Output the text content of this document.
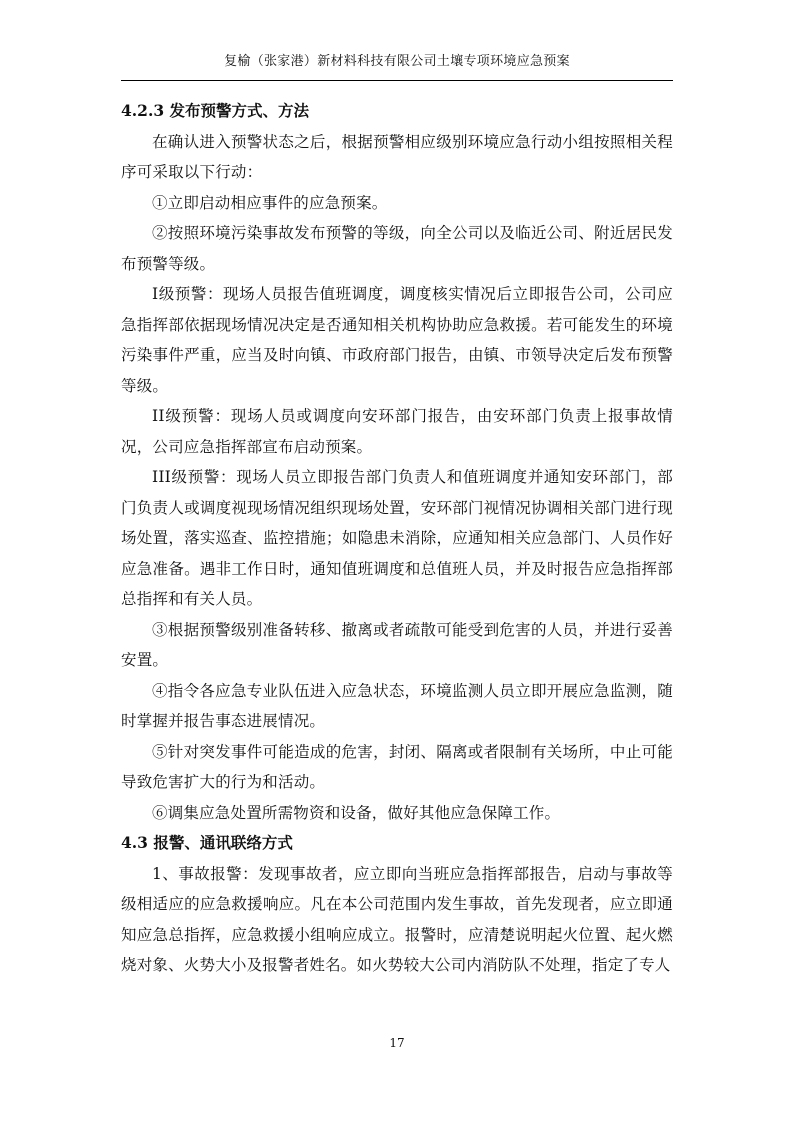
复榆（张家港）新材料科技有限公司土壤专项环境应急预案
4.2.3 发布预警方式、方法

在确认进入预警状态之后，根据预警相应级别环境应急行动小组按照相关程序可采取以下行动：

①立即启动相应事件的应急预案。

②按照环境污染事故发布预警的等级，向全公司以及临近公司、附近居民发布预警等级。

I级预警：现场人员报告值班调度，调度核实情况后立即报告公司，公司应急指挥部依据现场情况决定是否通知相关机构协助应急救援。若可能发生的环境污染事件严重，应当及时向镇、市政府部门报告，由镇、市领导决定后发布预警等级。

II级预警：现场人员或调度向安环部门报告，由安环部门负责上报事故情况，公司应急指挥部宣布启动预案。

III级预警：现场人员立即报告部门负责人和值班调度并通知安环部门，部门负责人或调度视现场情况组织现场处置，安环部门视情况协调相关部门进行现场处置，落实巡查、监控措施；如隐患未消除，应通知相关应急部门、人员作好应急准备。遇非工作日时，通知值班调度和总值班人员，并及时报告应急指挥部总指挥和有关人员。

③根据预警级别准备转移、撤离或者疏散可能受到危害的人员，并进行妥善安置。

④指令各应急专业队伍进入应急状态，环境监测人员立即开展应急监测，随时掌握并报告事态进展情况。

⑤针对突发事件可能造成的危害，封闭、隔离或者限制有关场所，中止可能导致危害扩大的行为和活动。

⑥调集应急处置所需物资和设备，做好其他应急保障工作。

4.3 报警、通讯联络方式

1、事故报警：发现事故者，应立即向当班应急指挥部报告，启动与事故等级相适应的应急救援响应。凡在本公司范围内发生事故，首先发现者，应立即通知应急总指挥，应急救援小组响应成立。报警时，应清楚说明起火位置、起火燃烧对象、火势大小及报警者姓名。如火势较大公司内消防队不处理，指定了专人

17
